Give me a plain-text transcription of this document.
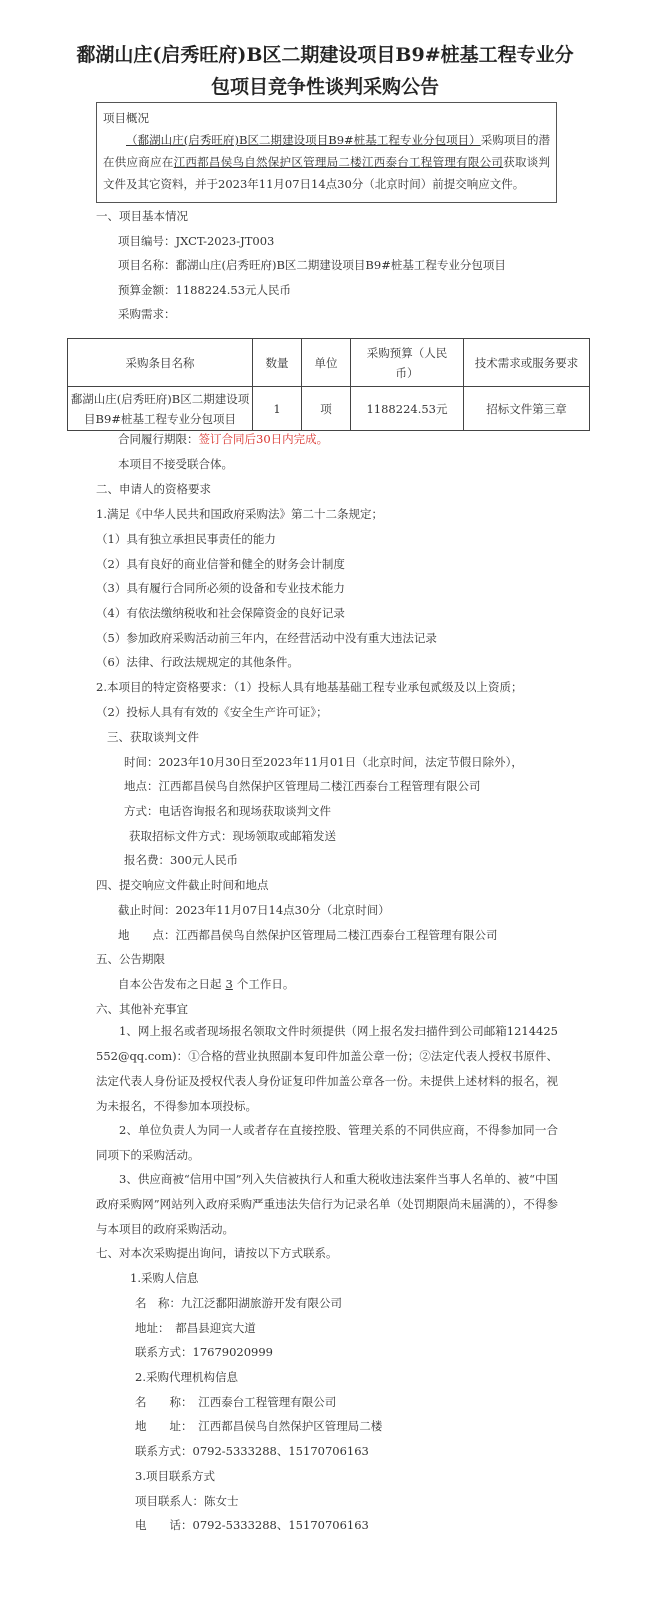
鄱湖山庄(启秀旺府)B区二期建设项目B9#桩基工程专业分
包项目竞争性谈判采购公告
项目概况
（鄱湖山庄(启秀旺府)B区二期建设项目B9#桩基工程专业分包项目）采购项目的潜在供应商应在江西都昌侯鸟自然保护区管理局二楼江西泰台工程管理有限公司获取谈判文件及其它资料，并于2023年11月07日14点30分（北京时间）前提交响应文件。
一、项目基本情况
项目编号：JXCT-2023-JT003
项目名称：鄱湖山庄(启秀旺府)B区二期建设项目B9#桩基工程专业分包项目
预算金额：1188224.53元人民币
采购需求：
采购条目名称	数量	单位	采购预算（人民币）	技术需求或服务要求
鄱湖山庄(启秀旺府)B区二期建设项目B9#桩基工程专业分包项目	1	项	1188224.53元	招标文件第三章
合同履行期限：签订合同后30日内完成。
本项目不接受联合体。
二、申请人的资格要求
1.满足《中华人民共和国政府采购法》第二十二条规定；
（1）具有独立承担民事责任的能力
（2）具有良好的商业信誉和健全的财务会计制度
（3）具有履行合同所必须的设备和专业技术能力
（4）有依法缴纳税收和社会保障资金的良好记录
（5）参加政府采购活动前三年内，在经营活动中没有重大违法记录
（6）法律、行政法规规定的其他条件。
2.本项目的特定资格要求：（1）投标人具有地基基础工程专业承包贰级及以上资质；
（2）投标人具有有效的《安全生产许可证》；
三、获取谈判文件
时间：2023年10月30日至2023年11月01日（北京时间，法定节假日除外），
地点：江西都昌侯鸟自然保护区管理局二楼江西泰台工程管理有限公司
方式：电话咨询报名和现场获取谈判文件
获取招标文件方式：现场领取或邮箱发送
报名费：300元人民币
四、提交响应文件截止时间和地点
截止时间：2023年11月07日14点30分（北京时间）
地　　点：江西都昌侯鸟自然保护区管理局二楼江西泰台工程管理有限公司
五、公告期限
自本公告发布之日起 3 个工作日。
六、其他补充事宜
1、网上报名或者现场报名领取文件时须提供（网上报名发扫描件到公司邮箱1214425552@qq.com)：①合格的营业执照副本复印件加盖公章一份；②法定代表人授权书原件、法定代表人身份证及授权代表人身份证复印件加盖公章各一份。未提供上述材料的报名，视为未报名，不得参加本项投标。
2、单位负责人为同一人或者存在直接控股、管理关系的不同供应商，不得参加同一合同项下的采购活动。
3、供应商被“信用中国”列入失信被执行人和重大税收违法案件当事人名单的、被“中国政府采购网”网站列入政府采购严重违法失信行为记录名单（处罚期限尚未届满的），不得参与本项目的政府采购活动。
七、对本次采购提出询问，请按以下方式联系。
1.采购人信息
名　称：九江泛鄱阳湖旅游开发有限公司
地址：　都昌县迎宾大道
联系方式：17679020999
2.采购代理机构信息
名　　称：　江西泰台工程管理有限公司
地　　址：　江西都昌侯鸟自然保护区管理局二楼
联系方式：0792-5333288、15170706163
3.项目联系方式
项目联系人：陈女士
电　　话：0792-5333288、15170706163
